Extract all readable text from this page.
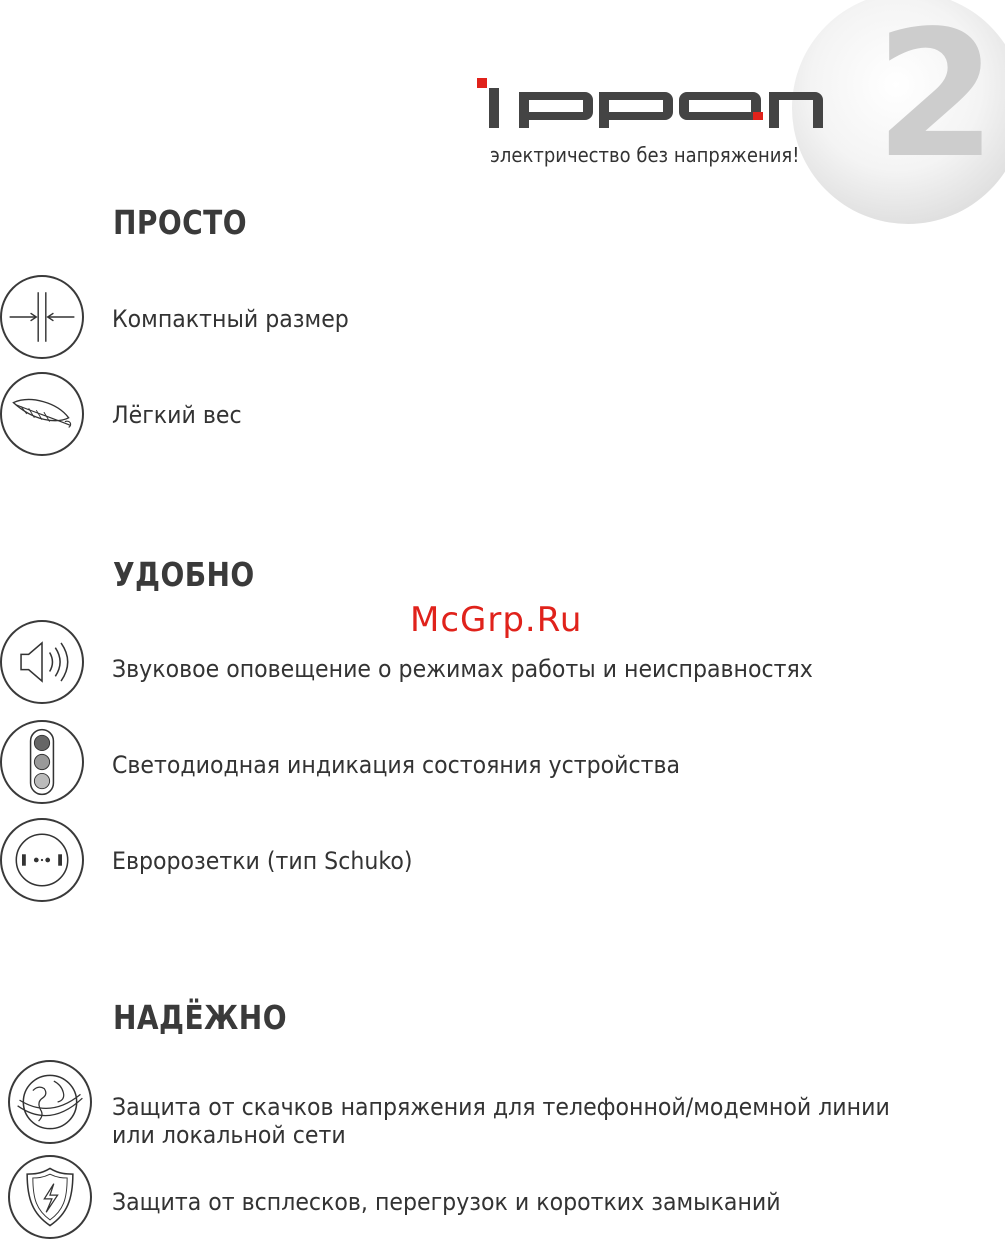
2
электричество без напряжения!
ПРОСТО

Компактный размер

Лёгкий вес

УДОБНО
McGrp.Ru

Звуковое оповещение о режимах работы и неисправностях

Светодиодная индикация состояния устройства

Евророзетки (тип Schuko)

НАДЁЖНО

Защита от скачков напряжения для телефонной/модемной линии

или локальной сети

Защита от всплесков, перегрузок и коротких замыканий
